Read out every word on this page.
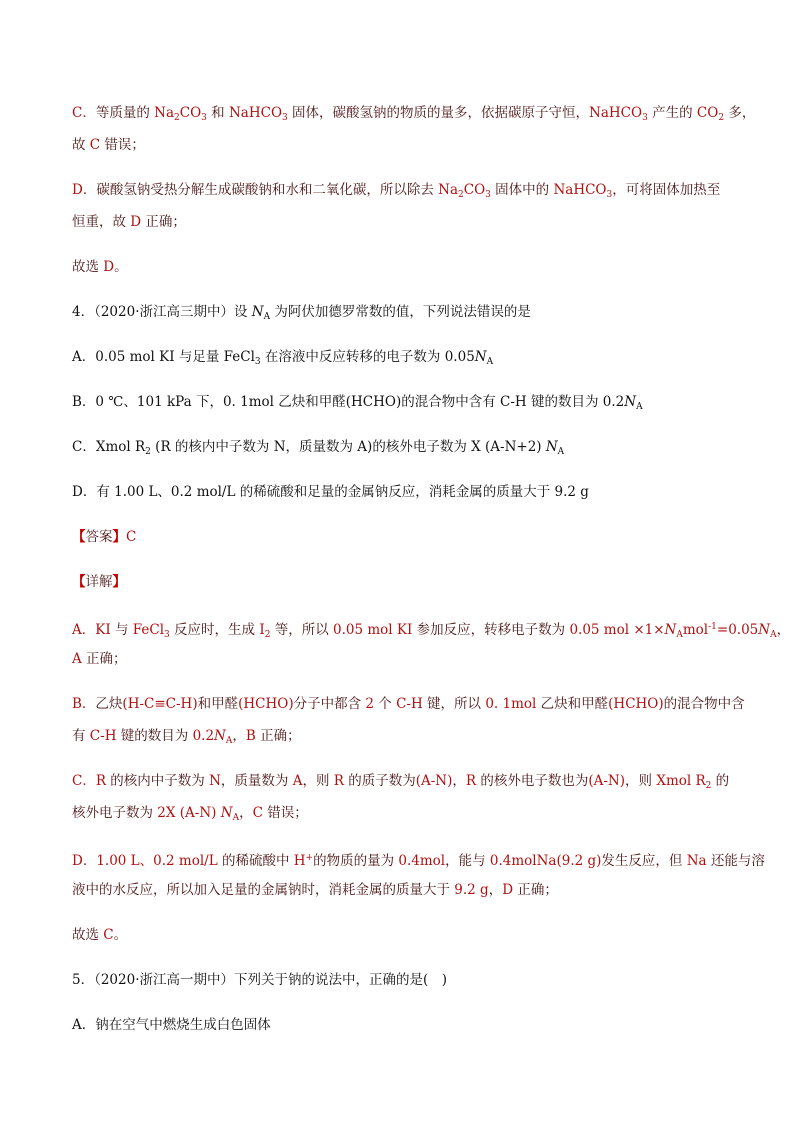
C．等质量的 $Na_2CO_3$ 和 NaHCO$_3$ 固体，碳酸氢钠的物质的量多，依据碳原子守恒，NaHCO$_3$ 产生的 $CO_2$ 多，
故 C 错误；
D．碳酸氢钠受热分解生成碳酸钠和水和二氧化碳，所以除去 $Na_2CO_3$ 固体中的 NaHCO$_3$，可将固体加热至
恒重，故 D 正确；
故选 D。
4．（2020·浙江高三期中）设 $N_A$ 为阿伏加德罗常数的值，下列说法错误的是
A．0.05 mol KI 与足量 FeCl$_3$ 在溶液中反应转移的电子数为 $0.05N_A$
B．0 ℃、101 kPa 下，0. 1mol 乙炔和甲醛(HCHO)的混合物中含有 C-H 键的数目为 $0.2N_A$
C．Xmol $R_2$ (R 的核内中子数为 N，质量数为 A)的核外电子数为 X (A-N+2) $N_A$
D．有 1.00 L、0.2 mol/L 的稀硫酸和足量的金属钠反应，消耗金属的质量大于 9.2 g
【答案】C
【详解】
A．KI 与 FeCl$_3$ 反应时，生成 $I_2$ 等，所以 0.05 mol KI 参加反应，转移电子数为 0.05 mol $\times 1\times N_Amol^{-1}=0.05N_A$，
A 正确；
B．乙炔(H-C≡C-H)和甲醛(HCHO)分子中都含 2 个 C-H 键，所以 0. 1mol 乙炔和甲醛(HCHO)的混合物中含
有 C-H 键的数目为 $0.2N_A$，B 正确；
C．R 的核内中子数为 N，质量数为 A，则 R 的质子数为(A-N)，R 的核外电子数也为(A-N)，则 Xmol $R_2$ 的
核外电子数为 2X (A-N) $N_A$，C 错误；
D．1.00 L、0.2 mol/L 的稀硫酸中 H+的物质的量为 0.4mol，能与 0.4molNa(9.2 g)发生反应，但 Na 还能与溶
液中的水反应，所以加入足量的金属钠时，消耗金属的质量大于 9.2 g，D 正确；
故选 C。
5．（2020·浙江高一期中）下列关于钠的说法中，正确的是(　)
A．钠在空气中燃烧生成白色固体
